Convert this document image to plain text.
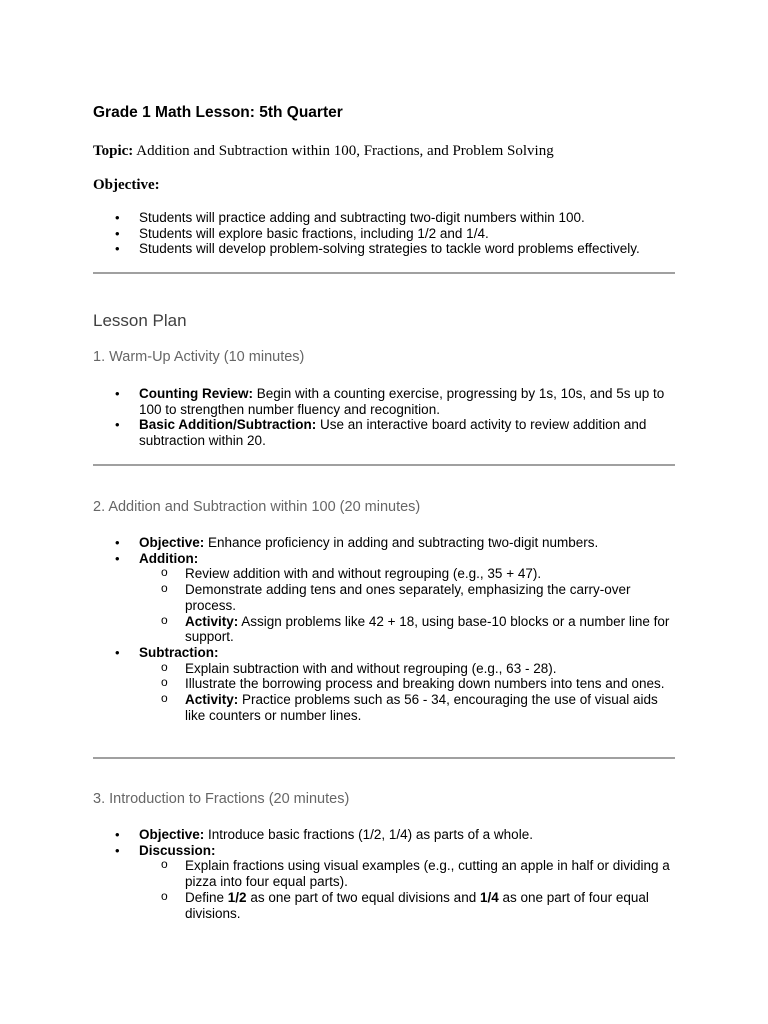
Grade 1 Math Lesson: 5th Quarter
Topic: Addition and Subtraction within 100, Fractions, and Problem Solving
Objective:
• Students will practice adding and subtracting two-digit numbers within 100.
• Students will explore basic fractions, including 1/2 and 1/4.
• Students will develop problem-solving strategies to tackle word problems effectively.
Lesson Plan
1. Warm-Up Activity (10 minutes)
• Counting Review: Begin with a counting exercise, progressing by 1s, 10s, and 5s up to 100 to strengthen number fluency and recognition.
• Basic Addition/Subtraction: Use an interactive board activity to review addition and subtraction within 20.
2. Addition and Subtraction within 100 (20 minutes)
• Objective: Enhance proficiency in adding and subtracting two-digit numbers.
• Addition:
o Review addition with and without regrouping (e.g., 35 + 47).
o Demonstrate adding tens and ones separately, emphasizing the carry-over process.
o Activity: Assign problems like 42 + 18, using base-10 blocks or a number line for support.
• Subtraction:
o Explain subtraction with and without regrouping (e.g., 63 - 28).
o Illustrate the borrowing process and breaking down numbers into tens and ones.
o Activity: Practice problems such as 56 - 34, encouraging the use of visual aids like counters or number lines.
3. Introduction to Fractions (20 minutes)
• Objective: Introduce basic fractions (1/2, 1/4) as parts of a whole.
• Discussion:
o Explain fractions using visual examples (e.g., cutting an apple in half or dividing a pizza into four equal parts).
o Define 1/2 as one part of two equal divisions and 1/4 as one part of four equal divisions.
